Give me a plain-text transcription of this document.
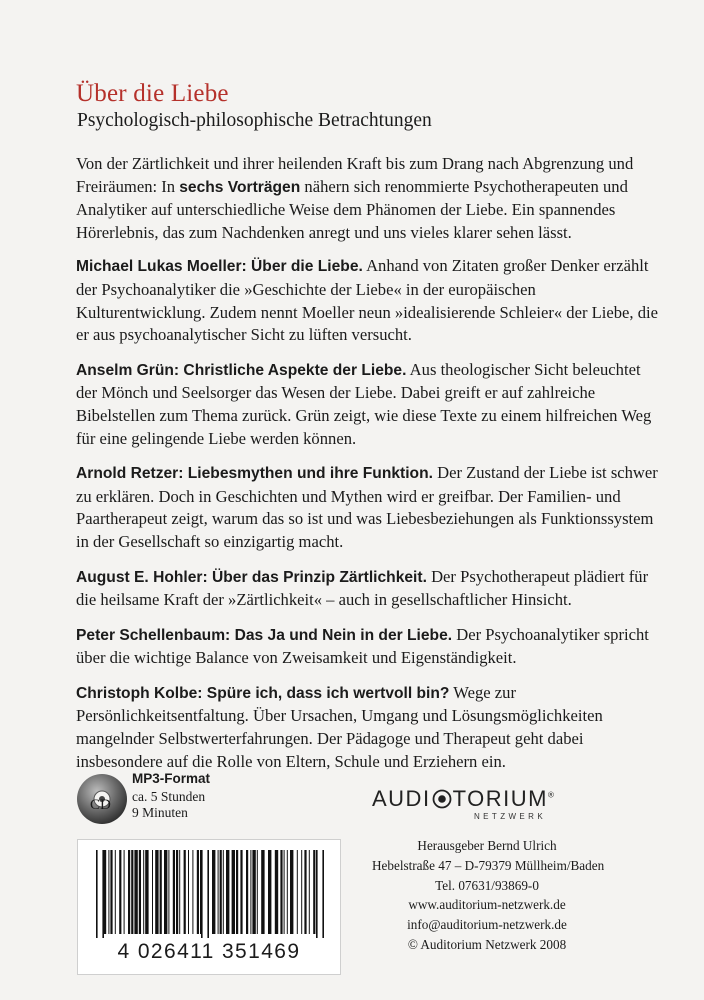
Über die Liebe
Psychologisch-philosophische Betrachtungen

Von der Zärtlichkeit und ihrer heilenden Kraft bis zum Drang nach Abgrenzung und Freiräumen: In sechs Vorträgen nähern sich renommierte Psychotherapeuten und Analytiker auf unterschiedliche Weise dem Phänomen der Liebe. Ein spannendes Hörerlebnis, das zum Nachdenken anregt und uns vieles klarer sehen lässt.

Michael Lukas Moeller: Über die Liebe. Anhand von Zitaten großer Denker erzählt der Psychoanalytiker die »Geschichte der Liebe« in der europäischen Kulturentwicklung. Zudem nennt Moeller neun »idealisierende Schleier« der Liebe, die er aus psychoanalytischer Sicht zu lüften versucht.

Anselm Grün: Christliche Aspekte der Liebe. Aus theologischer Sicht beleuchtet der Mönch und Seelsorger das Wesen der Liebe. Dabei greift er auf zahlreiche Bibelstellen zum Thema zurück. Grün zeigt, wie diese Texte zu einem hilfreichen Weg für eine gelingende Liebe werden können.

Arnold Retzer: Liebesmythen und ihre Funktion. Der Zustand der Liebe ist schwer zu erklären. Doch in Geschichten und Mythen wird er greifbar. Der Familien- und Paartherapeut zeigt, warum das so ist und was Liebesbeziehungen als Funktionssystem in der Gesellschaft so einzigartig macht.

August E. Hohler: Über das Prinzip Zärtlichkeit. Der Psychotherapeut plädiert für die heilsame Kraft der »Zärtlichkeit« – auch in gesellschaftlicher Hinsicht.

Peter Schellenbaum: Das Ja und Nein in der Liebe. Der Psychoanalytiker spricht über die wichtige Balance von Zweisamkeit und Eigenständigkeit.

Christoph Kolbe: Spüre ich, dass ich wertvoll bin? Wege zur Persönlichkeitsentfaltung. Über Ursachen, Umgang und Lösungsmöglichkeiten mangelnder Selbstwerterfahrungen. Der Pädagoge und Therapeut geht dabei insbesondere auf die Rolle von Eltern, Schule und Erziehern ein.

CD
MP3-Format
ca. 5 Stunden
9 Minuten
4 026411 351469
AUDI TORIUM®
NETZWERK
Herausgeber Bernd Ulrich
Hebelstraße 47 – D-79379 Müllheim/Baden
Tel. 07631/93869-0
www.auditorium-netzwerk.de
info@auditorium-netzwerk.de
© Auditorium Netzwerk 2008
